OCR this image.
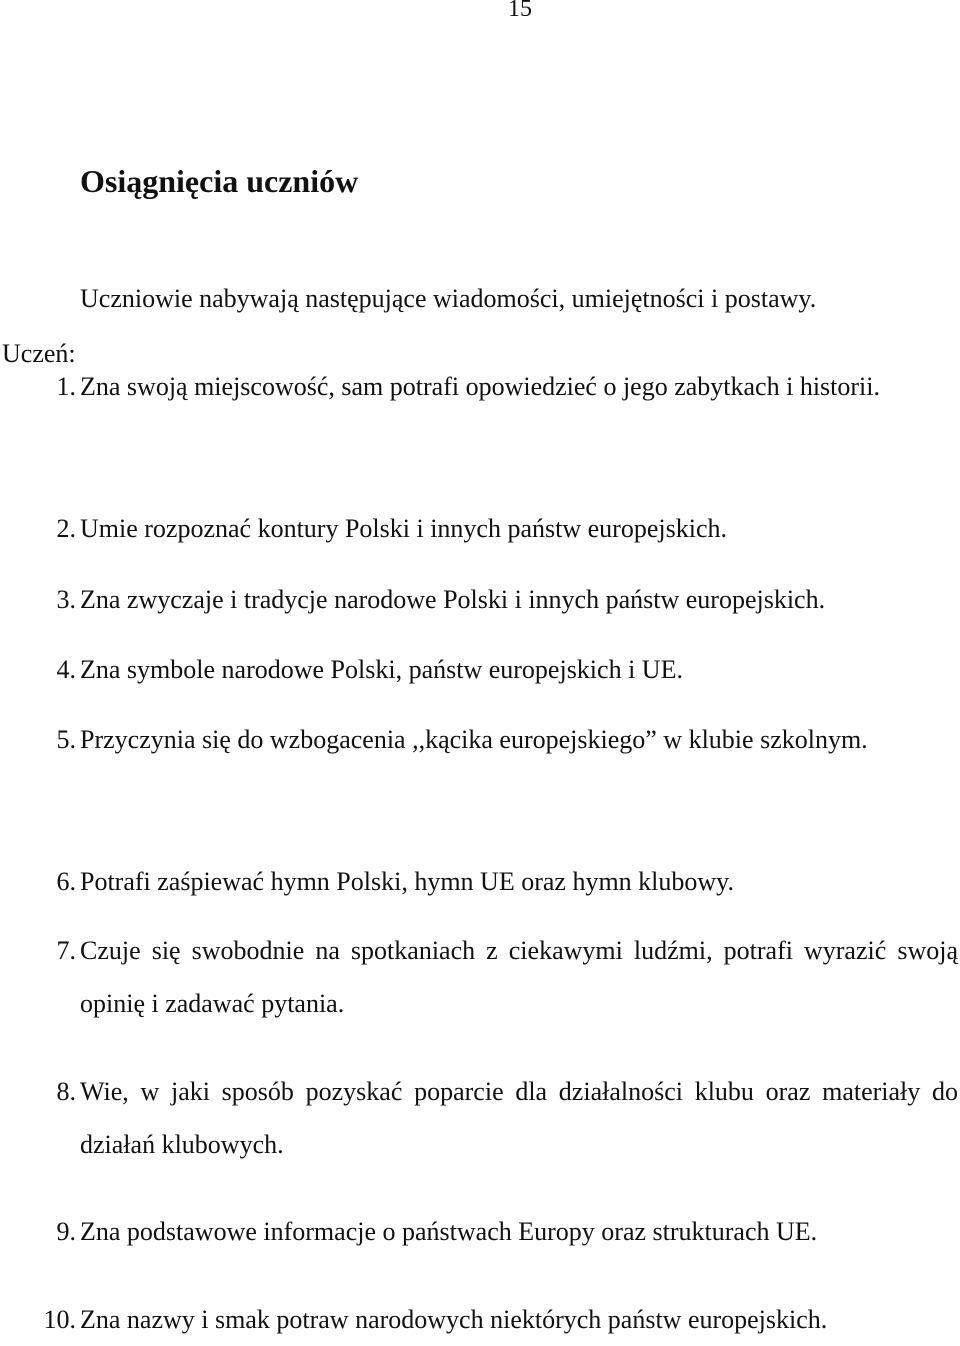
15
Osiągnięcia uczniów
Uczniowie nabywają następujące wiadomości, umiejętności i postawy.
Uczeń:
1. Zna swoją miejscowość, sam potrafi opowiedzieć o jego zabytkach i historii.
2. Umie rozpoznać kontury Polski i innych państw europejskich.
3. Zna zwyczaje i tradycje narodowe Polski i innych państw europejskich.
4. Zna symbole narodowe Polski, państw europejskich i UE.
5. Przyczynia się do wzbogacenia ,,kącika europejskiego” w klubie szkolnym.
6. Potrafi zaśpiewać hymn Polski, hymn UE oraz hymn klubowy.
7. Czuje się swobodnie na spotkaniach z ciekawymi ludźmi, potrafi wyrazić swoją opinię i zadawać pytania.
8. Wie, w jaki sposób pozyskać poparcie dla działalności klubu oraz materiały do działań klubowych.
9. Zna podstawowe informacje o państwach Europy oraz strukturach UE.
10. Zna nazwy i smak potraw narodowych niektórych państw europejskich.
